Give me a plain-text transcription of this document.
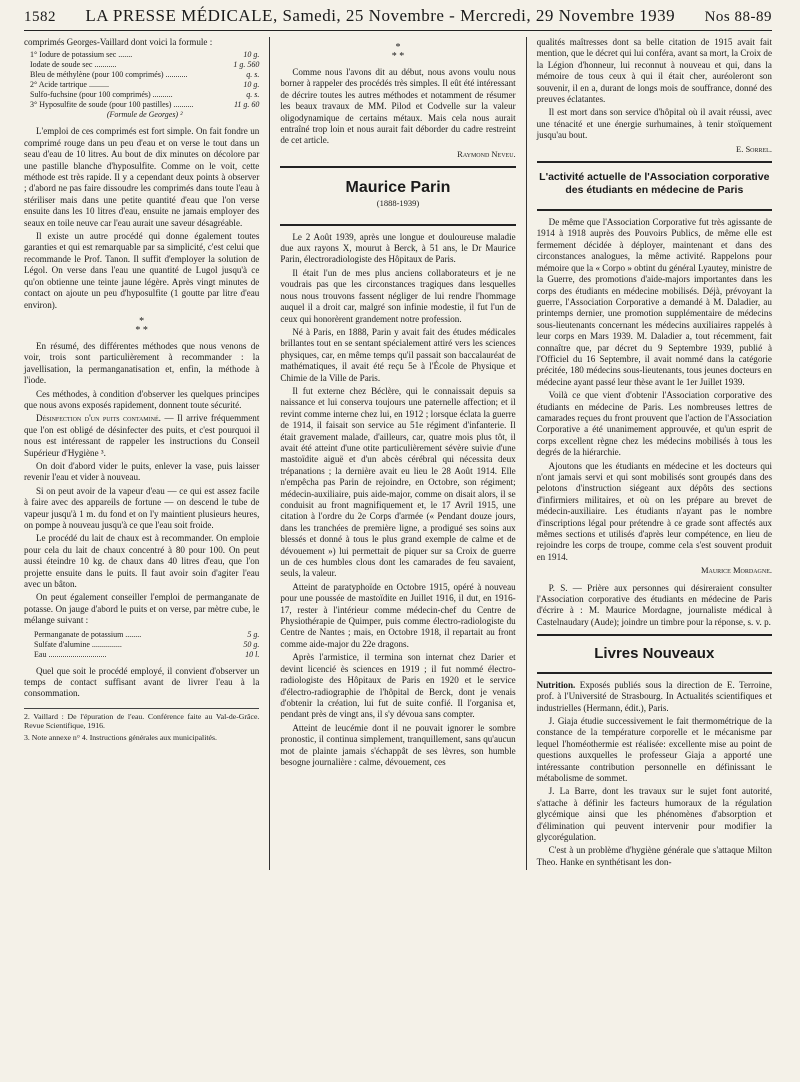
1582 LA PRESSE MÉDICALE, Samedi, 25 Novembre - Mercredi, 29 Novembre 1939 Nos 88-89

comprimés Georges-Vaillard dont voici la formule :

1° Iodure de potassium sec .......	10 g.
Iodate de soude sec ...........	1 g. 560
Bleu de méthylène (pour 100 comprimés) ...........	q. s.
2° Acide tartrique ..........	10 g.
Sulfo-fuchsine (pour 100 comprimés) ..........	q. s.
3° Hyposulfite de soude (pour 100 pastilles) ..........	11 g. 60
(Formule de Georges) ²

L'emploi de ces comprimés est fort simple. On fait fondre un comprimé rouge dans un peu d'eau et on verse le tout dans un seau d'eau de 10 litres. Au bout de dix minutes on décolore par une pastille blanche d'hyposulfite. Comme on le voit, cette méthode est très rapide. Il y a cependant deux points à observer ; d'abord ne pas faire dissoudre les comprimés dans toute l'eau à stériliser mais dans une petite quantité d'eau que l'on verse ensuite dans les 10 litres d'eau, ensuite ne jamais employer des seaux en toile neuve car l'eau aurait une saveur désagréable.

Il existe un autre procédé qui donne également toutes garanties et qui est remarquable par sa simplicité, c'est celui que recommande le Prof. Tanon. Il suffit d'employer la solution de Légol. On verse dans l'eau une quantité de Lugol jusqu'à ce qu'on obtienne une teinte jaune légère. Après vingt minutes de contact on ajoute un peu d'hyposulfite (1 goutte par litre d'eau environ).

*
* *

En résumé, des différentes méthodes que nous venons de voir, trois sont particulièrement à recommander : la javellisation, la permanganatisation et, enfin, la méthode à l'iode.

Ces méthodes, à condition d'observer les quelques principes que nous avons exposés rapidement, donnent toute sécurité.

Désinfection d'un puits contaminé. — Il arrive fréquemment que l'on est obligé de désinfecter des puits, et c'est pourquoi il nous est intéressant de rappeler les instructions du Conseil Supérieur d'Hygiène ³.

On doit d'abord vider le puits, enlever la vase, puis laisser revenir l'eau et vider à nouveau.

Si on peut avoir de la vapeur d'eau — ce qui est assez facile à faire avec des appareils de fortune — on descend le tube de vapeur jusqu'à 1 m. du fond et on l'y maintient plusieurs heures, on pompe à nouveau jusqu'à ce que l'eau soit froide.

Le procédé du lait de chaux est à recommander. On emploie pour cela du lait de chaux concentré à 80 pour 100. On peut aussi éteindre 10 kg. de chaux dans 40 litres d'eau, que l'on projette ensuite dans le puits. Il faut avoir soin d'agiter l'eau avec un bâton.

On peut également conseiller l'emploi de permanganate de potasse. On jauge d'abord le puits et on verse, par mètre cube, le mélange suivant :

Permanganate de potassium ........	5 g.
Sulfate d'alumine ...............	50 g.
Eau .............................	10 l.

Quel que soit le procédé employé, il convient d'observer un temps de contact suffisant avant de livrer l'eau à la consommation.

2. Vaillard : De l'épuration de l'eau. Conférence faite au Val-de-Grâce. Revue Scientifique, 1916.

3. Note annexe n° 4. Instructions générales aux municipalités.

*
* *

Comme nous l'avons dit au début, nous avons voulu nous borner à rappeler des procédés très simples. Il eût été intéressant de décrire toutes les autres méthodes et notamment de résumer les beaux travaux de MM. Pilod et Codvelle sur la valeur oligodynamique de certains métaux. Mais cela nous aurait entraîné trop loin et nous aurait fait déborder du cadre restreint de cet article.

Raymond Neveu.
Maurice Parin
(1888-1939)

Le 2 Août 1939, après une longue et douloureuse maladie due aux rayons X, mourut à Berck, à 51 ans, le Dr Maurice Parin, électroradiologiste des Hôpitaux de Paris.

Il était l'un de mes plus anciens collaborateurs et je ne voudrais pas que les circonstances tragiques dans lesquelles nous nous trouvons fassent négliger de lui rendre l'hommage auquel il a droit car, malgré son infinie modestie, il fut l'un de ceux qui honorèrent grandement notre profession.

Né à Paris, en 1888, Parin y avait fait des études médicales brillantes tout en se sentant spécialement attiré vers les sciences physiques, car, en même temps qu'il passait son baccalauréat de mathématiques, il avait été reçu 5e à l'École de Physique et Chimie de la Ville de Paris.

Il fut externe chez Béclère, qui le connaissait depuis sa naissance et lui conserva toujours une paternelle affection; et il revint comme interne chez lui, en 1912 ; lorsque éclata la guerre de 1914, il faisait son service au 51e régiment d'infanterie. Il était gravement malade, d'ailleurs, car, quatre mois plus tôt, il avait été atteint d'une otite particulièrement sévère suivie d'une mastoïdite aiguë et d'un abcès cérébral qui nécessita deux trépanations ; la dernière avait eu lieu le 28 Août 1914. Elle n'empêcha pas Parin de rejoindre, en Octobre, son régiment; médecin-auxiliaire, puis aide-major, comme on disait alors, il se conduisit au front magnifiquement et, le 17 Avril 1915, une citation à l'ordre du 2e Corps d'armée (« Pendant douze jours, dans les tranchées de première ligne, a prodigué ses soins aux blessés et donné à tous le plus grand exemple de calme et de dévouement ») lui permettait de piquer sur sa Croix de guerre un de ces humbles clous dont les camarades de feu savaient, seuls, la valeur.

Atteint de paratyphoïde en Octobre 1915, opéré à nouveau pour une poussée de mastoïdite en Juillet 1916, il dut, en 1916-17, rester à l'intérieur comme médecin-chef du Centre de Physiothérapie de Quimper, puis comme électro-radiologiste du Centre de Nantes ; mais, en Octobre 1918, il repartait au front comme aide-major du 22e dragons.

Après l'armistice, il termina son internat chez Darier et devint licencié ès sciences en 1919 ; il fut nommé électro-radiologiste des Hôpitaux de Paris en 1920 et le service d'électro-radiographie de l'hôpital de Berck, dont je venais d'obtenir la création, lui fut de suite confié. Il l'organisa et, pendant près de vingt ans, il s'y dévoua sans compter.

Atteint de leucémie dont il ne pouvait ignorer le sombre pronostic, il continua simplement, tranquillement, sans qu'aucun mot de plainte jamais s'échappât de ses lèvres, son humble besogne journalière : calme, dévouement, ces

qualités maîtresses dont sa belle citation de 1915 avait fait mention, que le décret qui lui conféra, avant sa mort, la Croix de la Légion d'honneur, lui reconnut à nouveau et qui, dans la mémoire de tous ceux à qui il était cher, auréoleront son souvenir, il en a, durant de longs mois de souffrance, donné des preuves éclatantes.

Il est mort dans son service d'hôpital où il avait réussi, avec une ténacité et une énergie surhumaines, à tenir stoïquement jusqu'au bout.

E. Sorrel.
L'activité actuelle de l'Association corporative des étudiants en médecine de Paris

De même que l'Association Corporative fut très agissante de 1914 à 1918 auprès des Pouvoirs Publics, de même elle est fermement décidée à déployer, maintenant et dans des circonstances analogues, la même activité. Rappelons pour mémoire que la « Corpo » obtint du général Lyautey, ministre de la Guerre, des promotions d'aide-majors importantes dans les corps des étudiants en médecine mobilisés. Déjà, prévoyant la guerre, l'Association Corporative a demandé à M. Daladier, au printemps dernier, une promotion supplémentaire de médecins sous-lieutenants concernant les médecins auxiliaires rappelés à leur corps en Mars 1939. M. Daladier a, tout récemment, fait connaître que, par décret du 9 Septembre 1939, publié à l'Officiel du 16 Septembre, il avait nommé dans la catégorie précitée, 180 médecins sous-lieutenants, tous jeunes docteurs en médecine ayant passé leur thèse avant le 1er Juillet 1939.

Voilà ce que vient d'obtenir l'Association corporative des étudiants en médecine de Paris. Les nombreuses lettres de camarades reçues du front prouvent que l'action de l'Association Corporative a été unanimement approuvée, et qu'un esprit de corps excellent règne chez les médecins mobilisés à tous les degrés de la hiérarchie.

Ajoutons que les étudiants en médecine et les docteurs qui n'ont jamais servi et qui sont mobilisés sont groupés dans des pelotons d'instruction siégeant aux dépôts des sections d'infirmiers militaires, et où on les prépare au brevet de médecin-auxiliaire. Les étudiants n'ayant pas le nombre d'inscriptions légal pour prétendre à ce grade sont affectés aux mêmes sections et utilisés d'après leur compétence, en lieu de rejoindre les corps de troupe, comme cela s'est souvent produit en 1914.

Maurice Mordagne.

P. S. — Prière aux personnes qui désireraient consulter l'Association corporative des étudiants en médecine de Paris d'écrire à : M. Maurice Mordagne, journaliste médical à Castelnaudary (Aude); joindre un timbre pour la réponse, s. v. p.

Livres Nouveaux

Nutrition. Exposés publiés sous la direction de E. Terroine, prof. à l'Université de Strasbourg. In Actualités scientifiques et industrielles (Hermann, édit.), Paris.

J. Giaja étudie successivement le fait thermométrique de la constance de la température corporelle et le mécanisme par lequel l'homéothermie est réalisée: excellente mise au point de questions auxquelles le professeur Giaja a apporté une intéressante contribution personnelle en définissant le métabolisme de sommet.

J. La Barre, dont les travaux sur le sujet font autorité, s'attache à définir les facteurs humoraux de la régulation glycémique ainsi que les phénomènes d'absorption et d'élimination qui peuvent intervenir pour modifier la glycorégulation.

C'est à un problème d'hygiène générale que s'attaque Milton Theo. Hanke en synthétisant les don-
